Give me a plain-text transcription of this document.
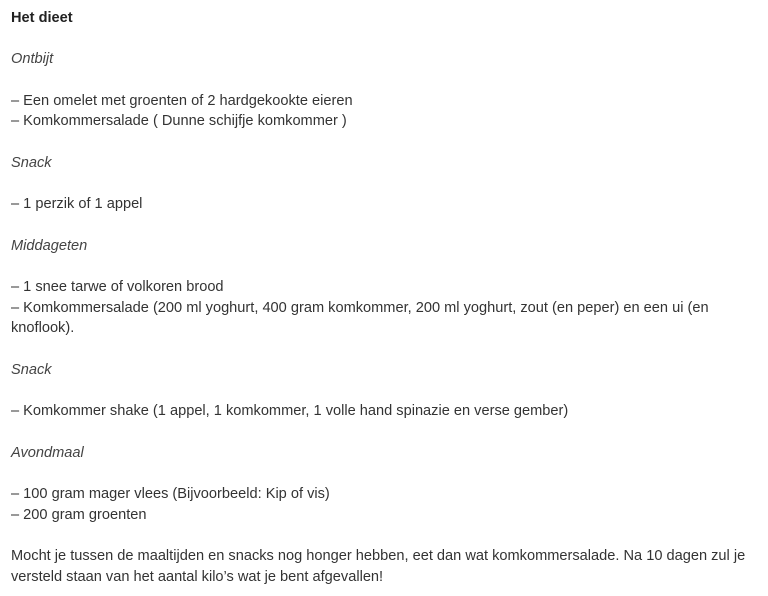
Het dieet

Ontbijt

– Een omelet met groenten of 2 hardgekookte eieren
– Komkommersalade ( Dunne schijfje komkommer )

Snack

– 1 perzik of 1 appel

Middageten

– 1 snee tarwe of volkoren brood
– Komkommersalade (200 ml yoghurt, 400 gram komkommer, 200 ml yoghurt, zout (en peper) en een ui (en knoflook).

Snack

– Komkommer shake (1 appel, 1 komkommer, 1 volle hand spinazie en verse gember)

Avondmaal

– 100 gram mager vlees (Bijvoorbeeld: Kip of vis)
– 200 gram groenten

Mocht je tussen de maaltijden en snacks nog honger hebben, eet dan wat komkommersalade. Na 10 dagen zul je versteld staan van het aantal kilo’s wat je bent afgevallen!
